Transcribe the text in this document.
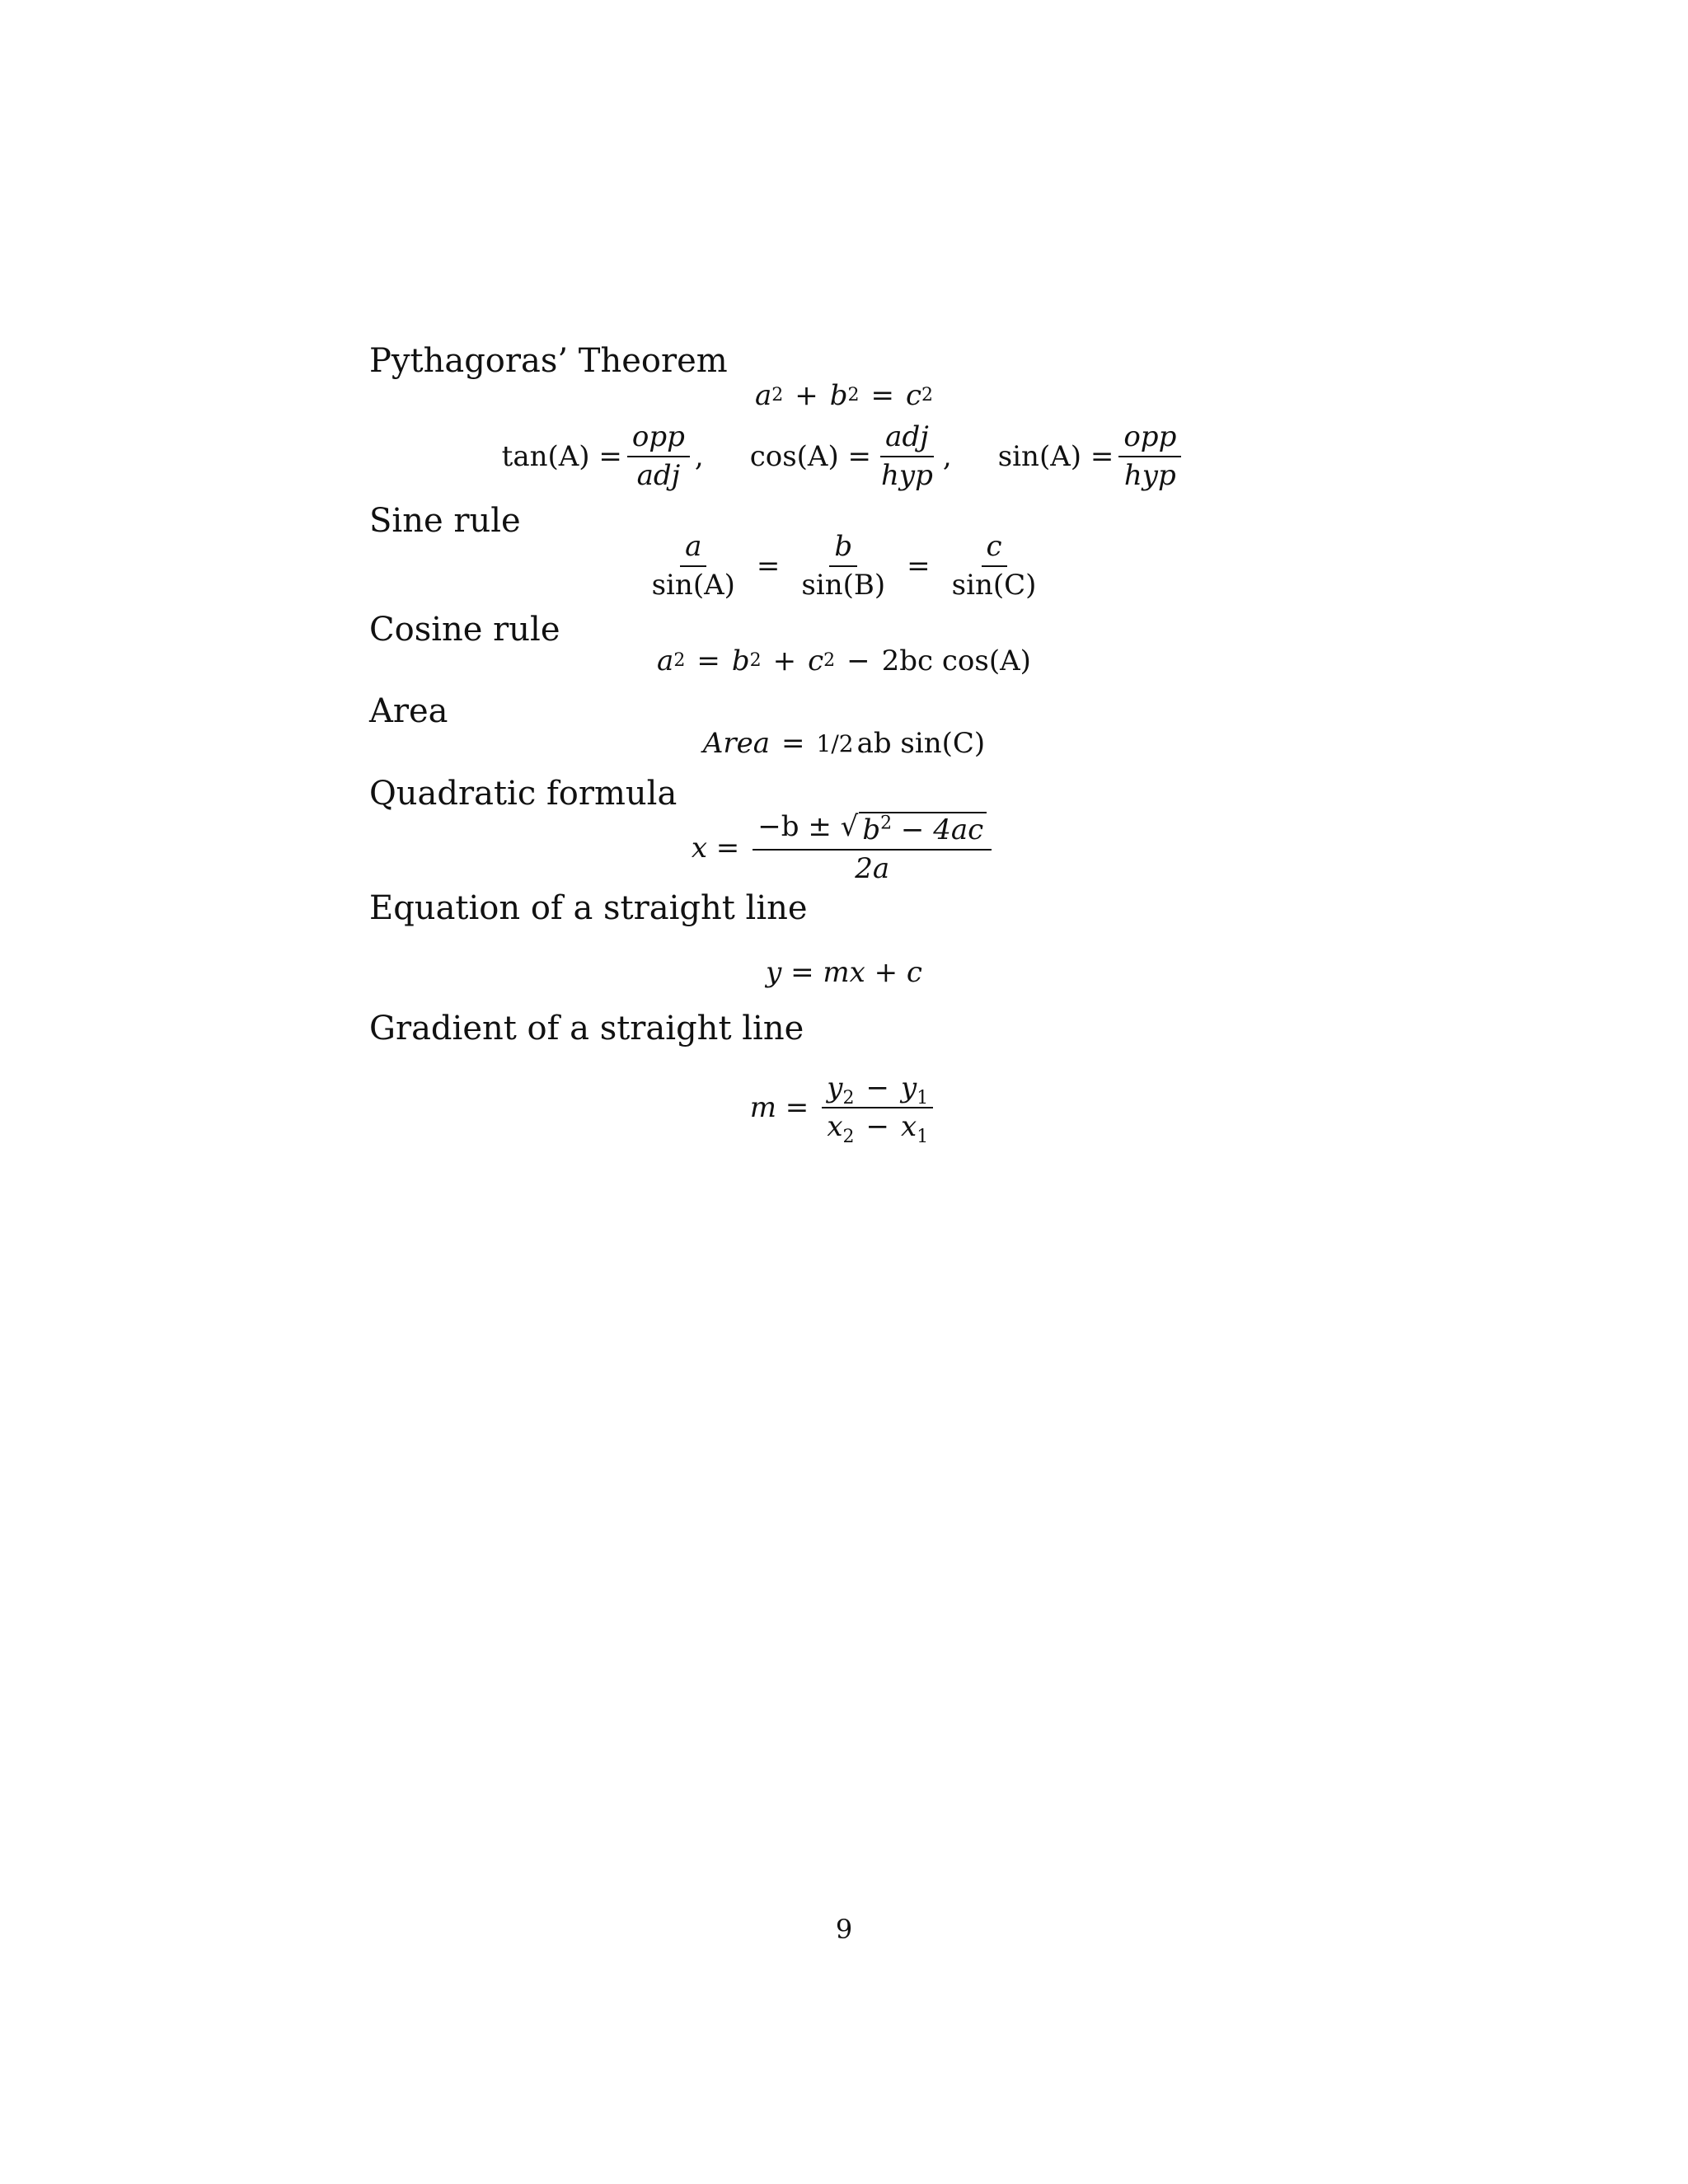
Pythagoras’ Theorem
a 2 + b 2 = c 2
$\tan(A) = \frac{\text{opp}}{\text{adj}}$ , $\cos(A) = \frac{\text{adj}}{\text{hyp}}$ , $\sin(A) = \frac{\text{opp}}{\text{hyp}}$
Sine rule
$\frac{a}{\sin(A)} = \frac{b}{\sin(B)} = \frac{c}{\sin(C)}$
Cosine rule
a 2 = b 2 + c 2 − 2bc cos(A)
Area
Area = 1/2 ab sin(C)
Quadratic formula
$x = \frac{-b \pm √ b^2 - 4ac}{2a}$
Equation of a straight line
y = mx + c
Gradient of a straight line
$m = \frac{y_2 - y_1}{x_2 - x_1}$
9
